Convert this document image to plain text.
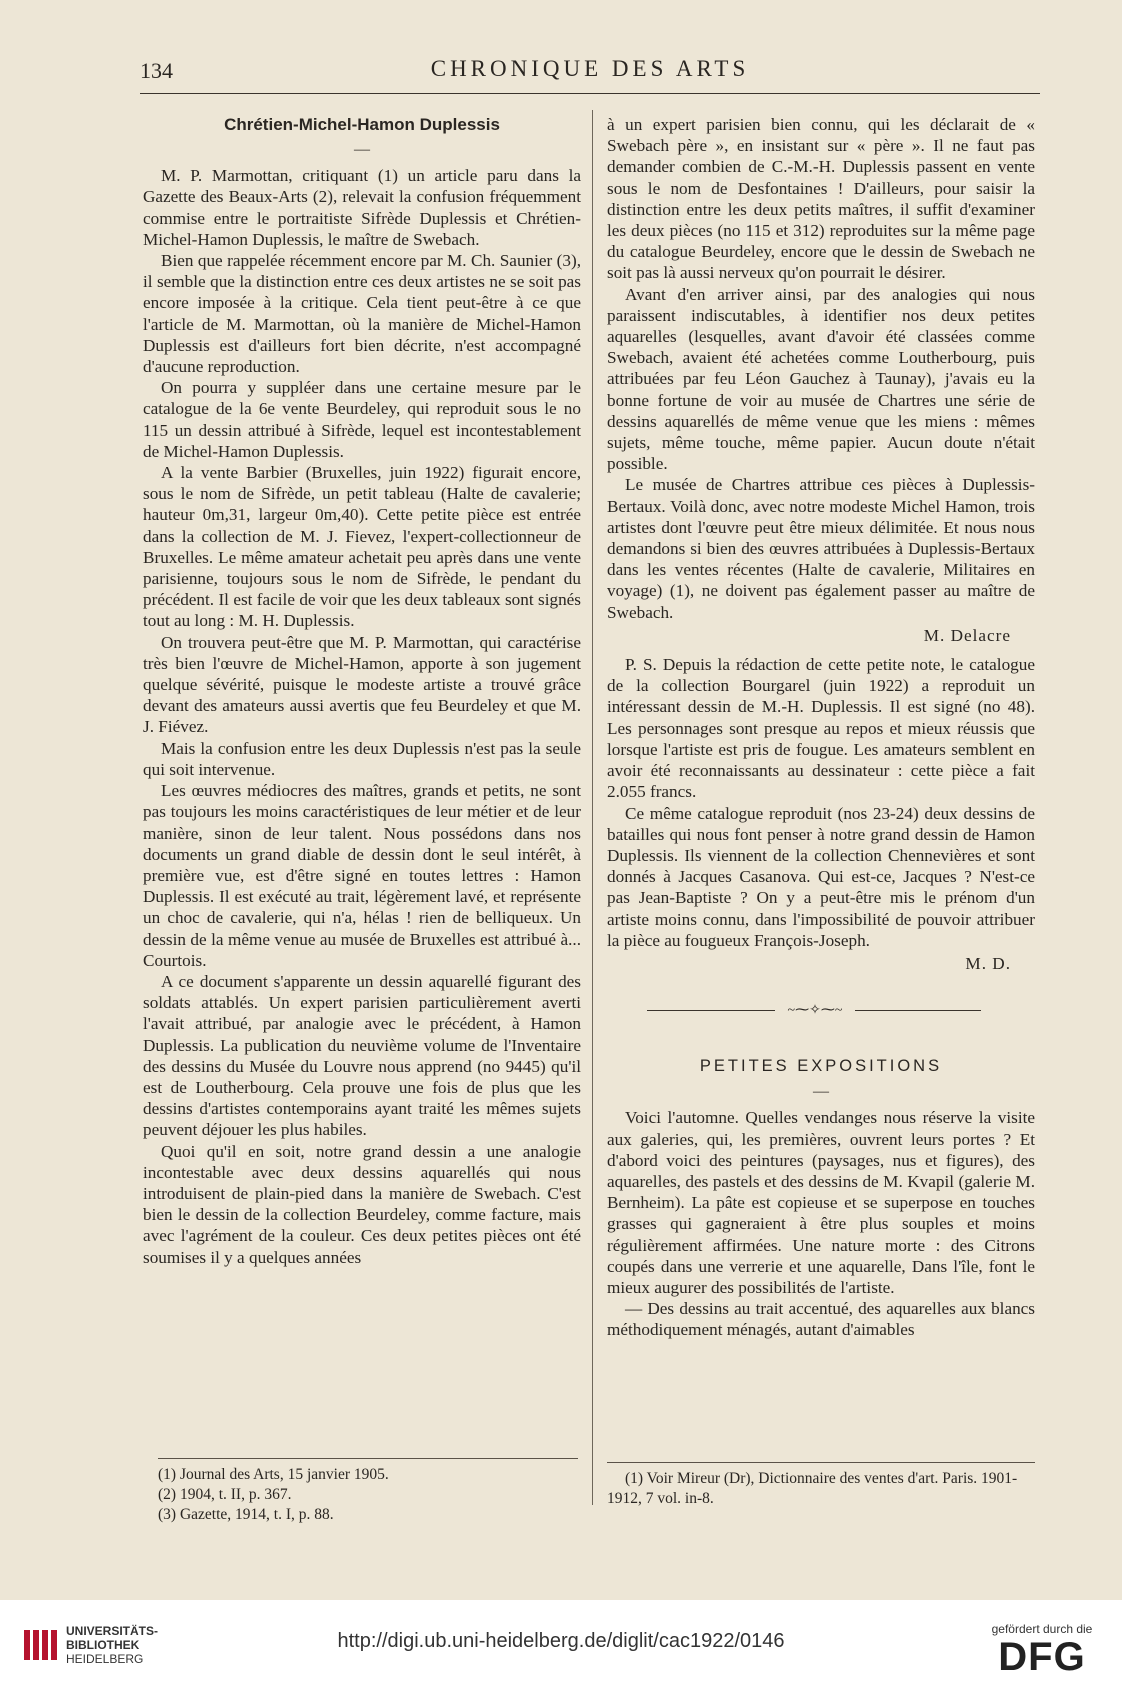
134	CHRONIQUE DES ARTS
Chrétien-Michel-Hamon Duplessis
—

M. P. Marmottan, critiquant (1) un article paru dans la Gazette des Beaux-Arts (2), relevait la confusion fréquemment commise entre le portraitiste Sifrède Duplessis et Chrétien-Michel-Hamon Duplessis, le maître de Swebach.

Bien que rappelée récemment encore par M. Ch. Saunier (3), il semble que la distinction entre ces deux artistes ne se soit pas encore imposée à la critique. Cela tient peut-être à ce que l'article de M. Marmottan, où la manière de Michel-Hamon Duplessis est d'ailleurs fort bien décrite, n'est accompagné d'aucune reproduction.

On pourra y suppléer dans une certaine mesure par le catalogue de la 6e vente Beurdeley, qui reproduit sous le no 115 un dessin attribué à Sifrède, lequel est incontestablement de Michel-Hamon Duplessis.

A la vente Barbier (Bruxelles, juin 1922) figurait encore, sous le nom de Sifrède, un petit tableau (Halte de cavalerie; hauteur 0m,31, largeur 0m,40). Cette petite pièce est entrée dans la collection de M. J. Fievez, l'expert-collectionneur de Bruxelles. Le même amateur achetait peu après dans une vente parisienne, toujours sous le nom de Sifrède, le pendant du précédent. Il est facile de voir que les deux tableaux sont signés tout au long : M. H. Duplessis.

On trouvera peut-être que M. P. Marmottan, qui caractérise très bien l'œuvre de Michel-Hamon, apporte à son jugement quelque sévérité, puisque le modeste artiste a trouvé grâce devant des amateurs aussi avertis que feu Beurdeley et que M. J. Fiévez.

Mais la confusion entre les deux Duplessis n'est pas la seule qui soit intervenue.

Les œuvres médiocres des maîtres, grands et petits, ne sont pas toujours les moins caractéristiques de leur métier et de leur manière, sinon de leur talent. Nous possédons dans nos documents un grand diable de dessin dont le seul intérêt, à première vue, est d'être signé en toutes lettres : Hamon Duplessis. Il est exécuté au trait, légèrement lavé, et représente un choc de cavalerie, qui n'a, hélas ! rien de belliqueux. Un dessin de la même venue au musée de Bruxelles est attribué à... Courtois.

A ce document s'apparente un dessin aquarellé figurant des soldats attablés. Un expert parisien particulièrement averti l'avait attribué, par analogie avec le précédent, à Hamon Duplessis. La publication du neuvième volume de l'Inventaire des dessins du Musée du Louvre nous apprend (no 9445) qu'il est de Loutherbourg. Cela prouve une fois de plus que les dessins d'artistes contemporains ayant traité les mêmes sujets peuvent déjouer les plus habiles.

Quoi qu'il en soit, notre grand dessin a une analogie incontestable avec deux dessins aquarellés qui nous introduisent de plain-pied dans la manière de Swebach. C'est bien le dessin de la collection Beurdeley, comme facture, mais avec l'agrément de la couleur. Ces deux petites pièces ont été soumises il y a quelques années

à un expert parisien bien connu, qui les déclarait de « Swebach père », en insistant sur « père ». Il ne faut pas demander combien de C.-M.-H. Duplessis passent en vente sous le nom de Desfontaines ! D'ailleurs, pour saisir la distinction entre les deux petits maîtres, il suffit d'examiner les deux pièces (no 115 et 312) reproduites sur la même page du catalogue Beurdeley, encore que le dessin de Swebach ne soit pas là aussi nerveux qu'on pourrait le désirer.

Avant d'en arriver ainsi, par des analogies qui nous paraissent indiscutables, à identifier nos deux petites aquarelles (lesquelles, avant d'avoir été classées comme Swebach, avaient été achetées comme Loutherbourg, puis attribuées par feu Léon Gauchez à Taunay), j'avais eu la bonne fortune de voir au musée de Chartres une série de dessins aquarellés de même venue que les miens : mêmes sujets, même touche, même papier. Aucun doute n'était possible.

Le musée de Chartres attribue ces pièces à Duplessis-Bertaux. Voilà donc, avec notre modeste Michel Hamon, trois artistes dont l'œuvre peut être mieux délimitée. Et nous nous demandons si bien des œuvres attribuées à Duplessis-Bertaux dans les ventes récentes (Halte de cavalerie, Militaires en voyage) (1), ne doivent pas également passer au maître de Swebach.

M. Delacre

P. S. Depuis la rédaction de cette petite note, le catalogue de la collection Bourgarel (juin 1922) a reproduit un intéressant dessin de M.-H. Duplessis. Il est signé (no 48). Les personnages sont presque au repos et mieux réussis que lorsque l'artiste est pris de fougue. Les amateurs semblent en avoir été reconnaissants au dessinateur : cette pièce a fait 2.055 francs.

Ce même catalogue reproduit (nos 23-24) deux dessins de batailles qui nous font penser à notre grand dessin de Hamon Duplessis. Ils viennent de la collection Chennevières et sont donnés à Jacques Casanova. Qui est-ce, Jacques ? N'est-ce pas Jean-Baptiste ? On y a peut-être mis le prénom d'un artiste moins connu, dans l'impossibilité de pouvoir attribuer la pièce au fougueux François-Joseph.

M. D.
~⁓✧⁓~
PETITES EXPOSITIONS
—

Voici l'automne. Quelles vendanges nous réserve la visite aux galeries, qui, les premières, ouvrent leurs portes ? Et d'abord voici des peintures (paysages, nus et figures), des aquarelles, des pastels et des dessins de M. Kvapil (galerie M. Bernheim). La pâte est copieuse et se superpose en touches grasses qui gagneraient à être plus souples et moins régulièrement affirmées. Une nature morte : des Citrons coupés dans une verrerie et une aquarelle, Dans l'île, font le mieux augurer des possibilités de l'artiste.

— Des dessins au trait accentué, des aquarelles aux blancs méthodiquement ménagés, autant d'aimables

(1) Journal des Arts, 15 janvier 1905.

(2) 1904, t. II, p. 367.

(3) Gazette, 1914, t. I, p. 88.

(1) Voir Mireur (Dr), Dictionnaire des ventes d'art. Paris. 1901-1912, 7 vol. in-8.

UNIVERSITÄTS-
BIBLIOTHEK
HEIDELBERG
http://digi.ub.uni-heidelberg.de/diglit/cac1922/0146
gefördert durch die
DFG
